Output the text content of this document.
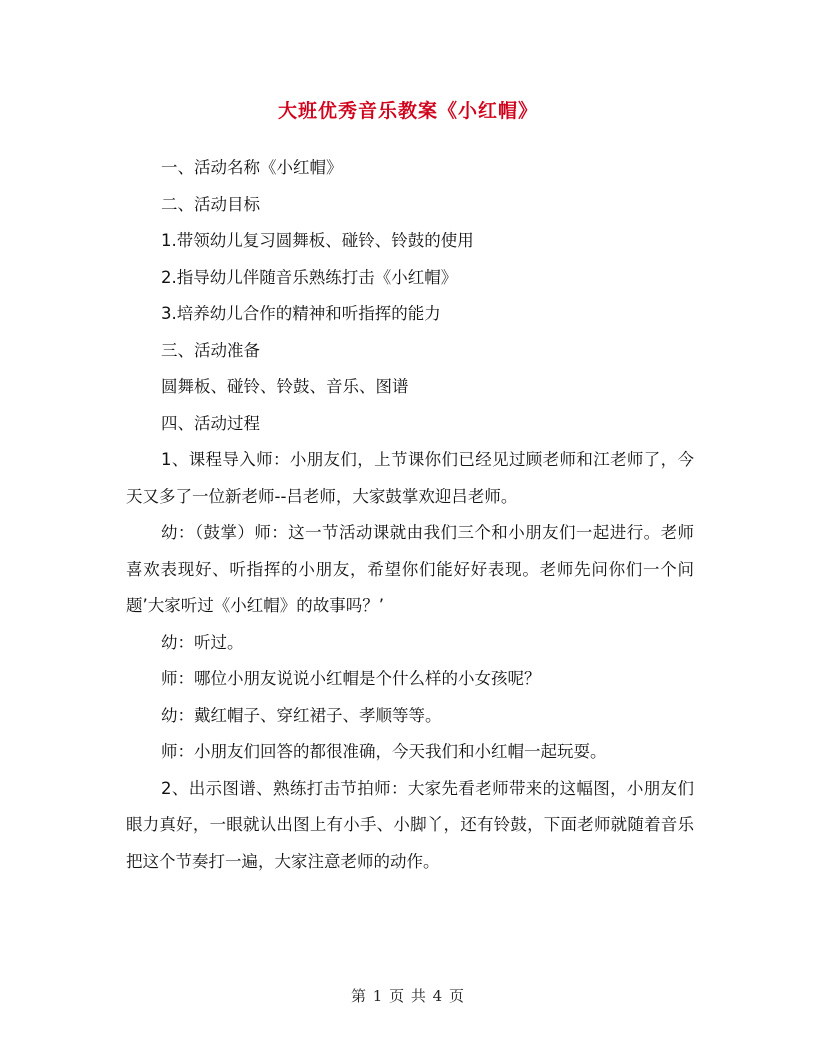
大班优秀音乐教案《小红帽》

一、活动名称《小红帽》

二、活动目标

1.带领幼儿复习圆舞板、碰铃、铃鼓的使用

2.指导幼儿伴随音乐熟练打击《小红帽》

3.培养幼儿合作的精神和听指挥的能力

三、活动准备

圆舞板、碰铃、铃鼓、音乐、图谱

四、活动过程

1、课程导入师：小朋友们，上节课你们已经见过顾老师和江老师了，今天又多了一位新老师--吕老师，大家鼓掌欢迎吕老师。

幼：（鼓掌）师：这一节活动课就由我们三个和小朋友们一起进行。老师喜欢表现好、听指挥的小朋友，希望你们能好好表现。老师先问你们一个问题’大家听过《小红帽》的故事吗？’

幼：听过。

师：哪位小朋友说说小红帽是个什么样的小女孩呢？

幼：戴红帽子、穿红裙子、孝顺等等。

师：小朋友们回答的都很准确，今天我们和小红帽一起玩耍。

2、出示图谱、熟练打击节拍师：大家先看老师带来的这幅图，小朋友们眼力真好，一眼就认出图上有小手、小脚丫，还有铃鼓，下面老师就随着音乐把这个节奏打一遍，大家注意老师的动作。

第 1 页 共 4 页
